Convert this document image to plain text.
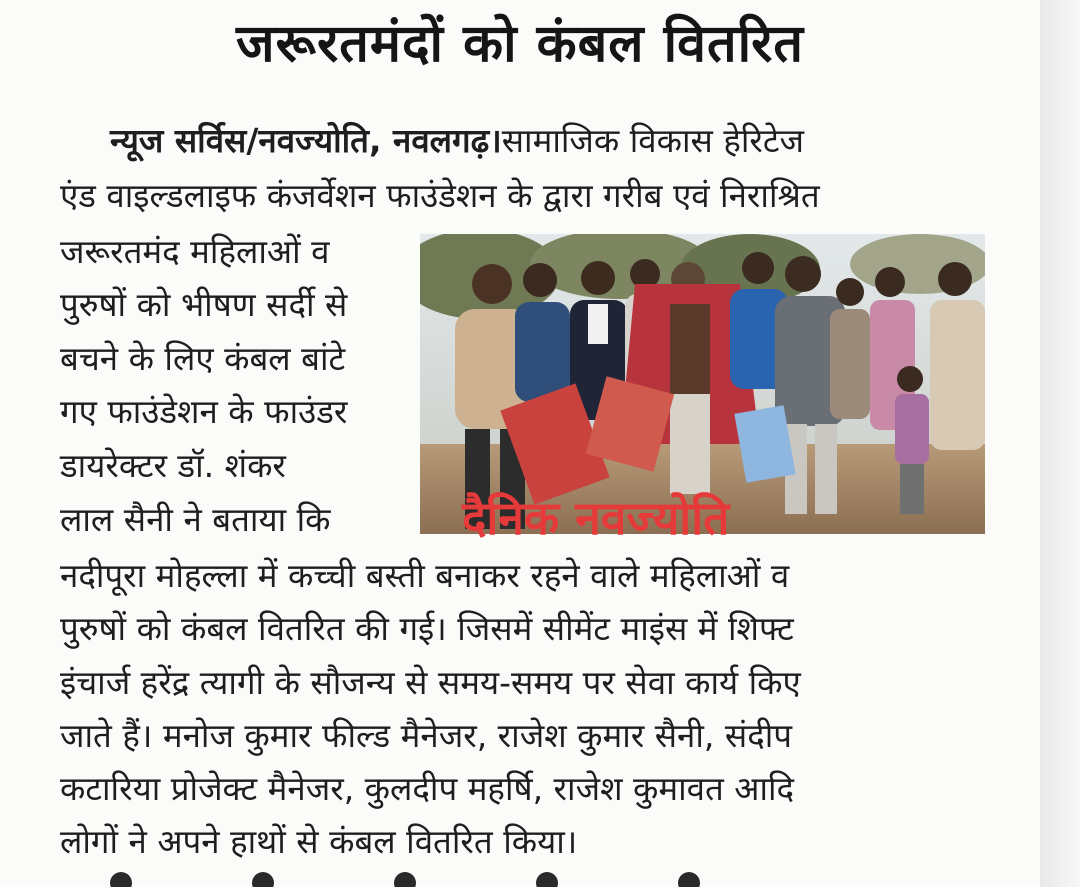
जरूरतमंदों को कंबल वितरित
न्यूज सर्विस/नवज्योति, नवलगढ़।सामाजिक विकास हेरिटेज
एंड वाइल्डलाइफ कंजर्वेशन फाउंडेशन के द्वारा गरीब एवं निराश्रित
जरूरतमंद महिलाओं व
पुरुषों को भीषण सर्दी से
बचने के लिए कंबल बांटे
गए फाउंडेशन के फाउंडर
डायरेक्टर डॉ. शंकर
लाल सैनी ने बताया कि	दैनिक नवज्योति
नदीपूरा मोहल्ला में कच्ची बस्ती बनाकर रहने वाले महिलाओं व
पुरुषों को कंबल वितरित की गई। जिसमें सीमेंट माइंस में शिफ्ट
इंचार्ज हरेंद्र त्यागी के सौजन्य से समय-समय पर सेवा कार्य किए
जाते हैं। मनोज कुमार फील्ड मैनेजर, राजेश कुमार सैनी, संदीप
कटारिया प्रोजेक्ट मैनेजर, कुलदीप महर्षि, राजेश कुमावत आदि
लोगों ने अपने हाथों से कंबल वितरित किया।
